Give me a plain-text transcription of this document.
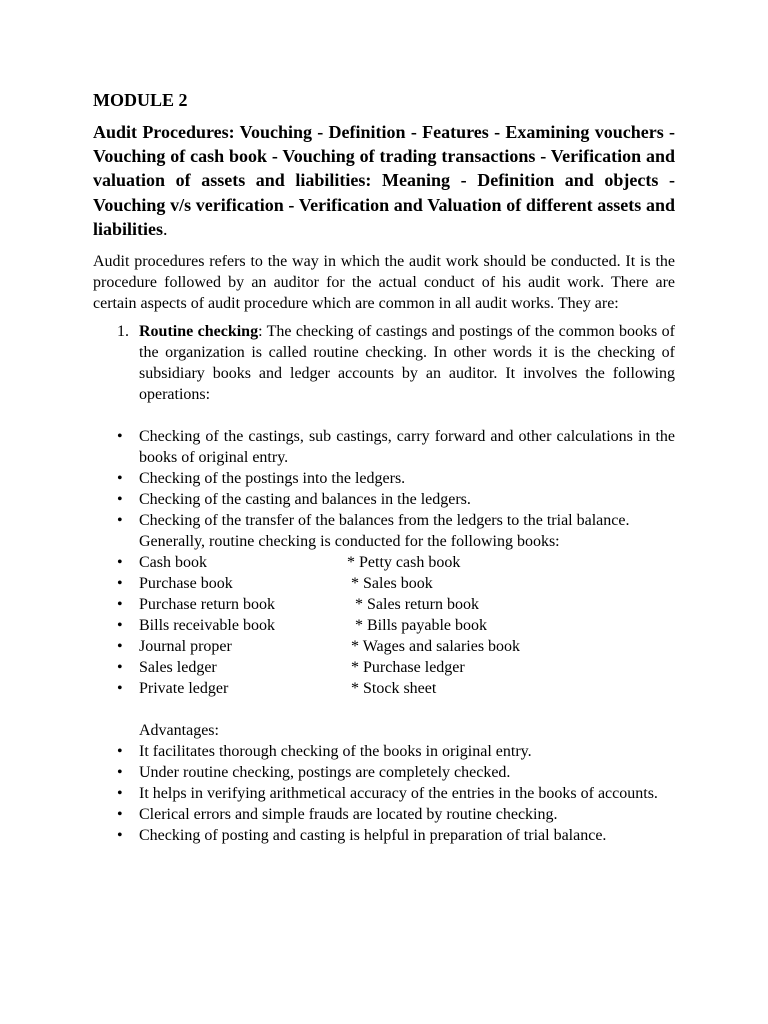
MODULE 2
Audit Procedures: Vouching - Definition - Features - Examining vouchers -Vouching of cash book - Vouching of trading transactions - Verification and valuation of assets and liabilities: Meaning - Definition and objects - Vouching v/s verification - Verification and Valuation of different assets and liabilities.

Audit procedures refers to the way in which the audit work should be conducted. It is the procedure followed by an auditor for the actual conduct of his audit work. There are certain aspects of audit procedure which are common in all audit works. They are:

1. Routine checking: The checking of castings and postings of the common books of the organization is called routine checking. In other words it is the checking of subsidiary books and ledger accounts by an auditor. It involves the following operations:
• Checking of the castings, sub castings, carry forward and other calculations in the books of original entry.
• Checking of the postings into the ledgers.
• Checking of the casting and balances in the ledgers.
• Checking of the transfer of the balances from the ledgers to the trial balance.
Generally, routine checking is conducted for the following books:
• Cash book	* Petty cash book
• Purchase book	* Sales book
• Purchase return book	* Sales return book
• Bills receivable book	* Bills payable book
• Journal proper	* Wages and salaries book
• Sales ledger	* Purchase ledger
• Private ledger	* Stock sheet
Advantages:
• It facilitates thorough checking of the books in original entry.
• Under routine checking, postings are completely checked.
• It helps in verifying arithmetical accuracy of the entries in the books of accounts.
• Clerical errors and simple frauds are located by routine checking.
• Checking of posting and casting is helpful in preparation of trial balance.
